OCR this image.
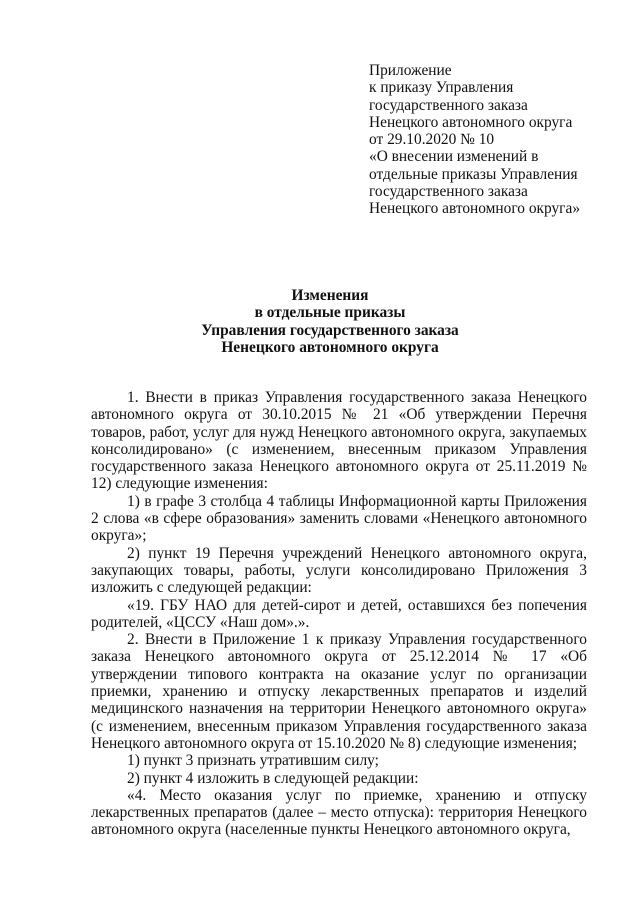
Приложение
к приказу Управления
государственного заказа
Ненецкого автономного округа
от 29.10.2020 № 10
«О внесении изменений в
отдельные приказы Управления
государственного заказа
Ненецкого автономного округа»
Изменения
в отдельные приказы
Управления государственного заказа
Ненецкого автономного округа

1. Внести в приказ Управления государственного заказа Ненецкого автономного округа от 30.10.2015 № 21 «Об утверждении Перечня товаров, работ, услуг для нужд Ненецкого автономного округа, закупаемых консолидировано» (с изменением, внесенным приказом Управления государственного заказа Ненецкого автономного округа от 25.11.2019 № 12) следующие изменения:

1) в графе 3 столбца 4 таблицы Информационной карты Приложения 2 слова «в сфере образования» заменить словами «Ненецкого автономного округа»;

2) пункт 19 Перечня учреждений Ненецкого автономного округа, закупающих товары, работы, услуги консолидировано Приложения 3 изложить с следующей редакции:

«19. ГБУ НАО для детей-сирот и детей, оставшихся без попечения родителей, «ЦССУ «Наш дом».».

2. Внести в Приложение 1 к приказу Управления государственного заказа Ненецкого автономного округа от 25.12.2014 № 17 «Об утверждении типового контракта на оказание услуг по организации приемки, хранению и отпуску лекарственных препаратов и изделий медицинского назначения на территории Ненецкого автономного округа» (с изменением, внесенным приказом Управления государственного заказа Ненецкого автономного округа от 15.10.2020 № 8) следующие изменения;

1) пункт 3 признать утратившим силу;

2) пункт 4 изложить в следующей редакции:

«4. Место оказания услуг по приемке, хранению и отпуску лекарственных препаратов (далее – место отпуска): территория Ненецкого автономного округа (населенные пункты Ненецкого автономного округа,
